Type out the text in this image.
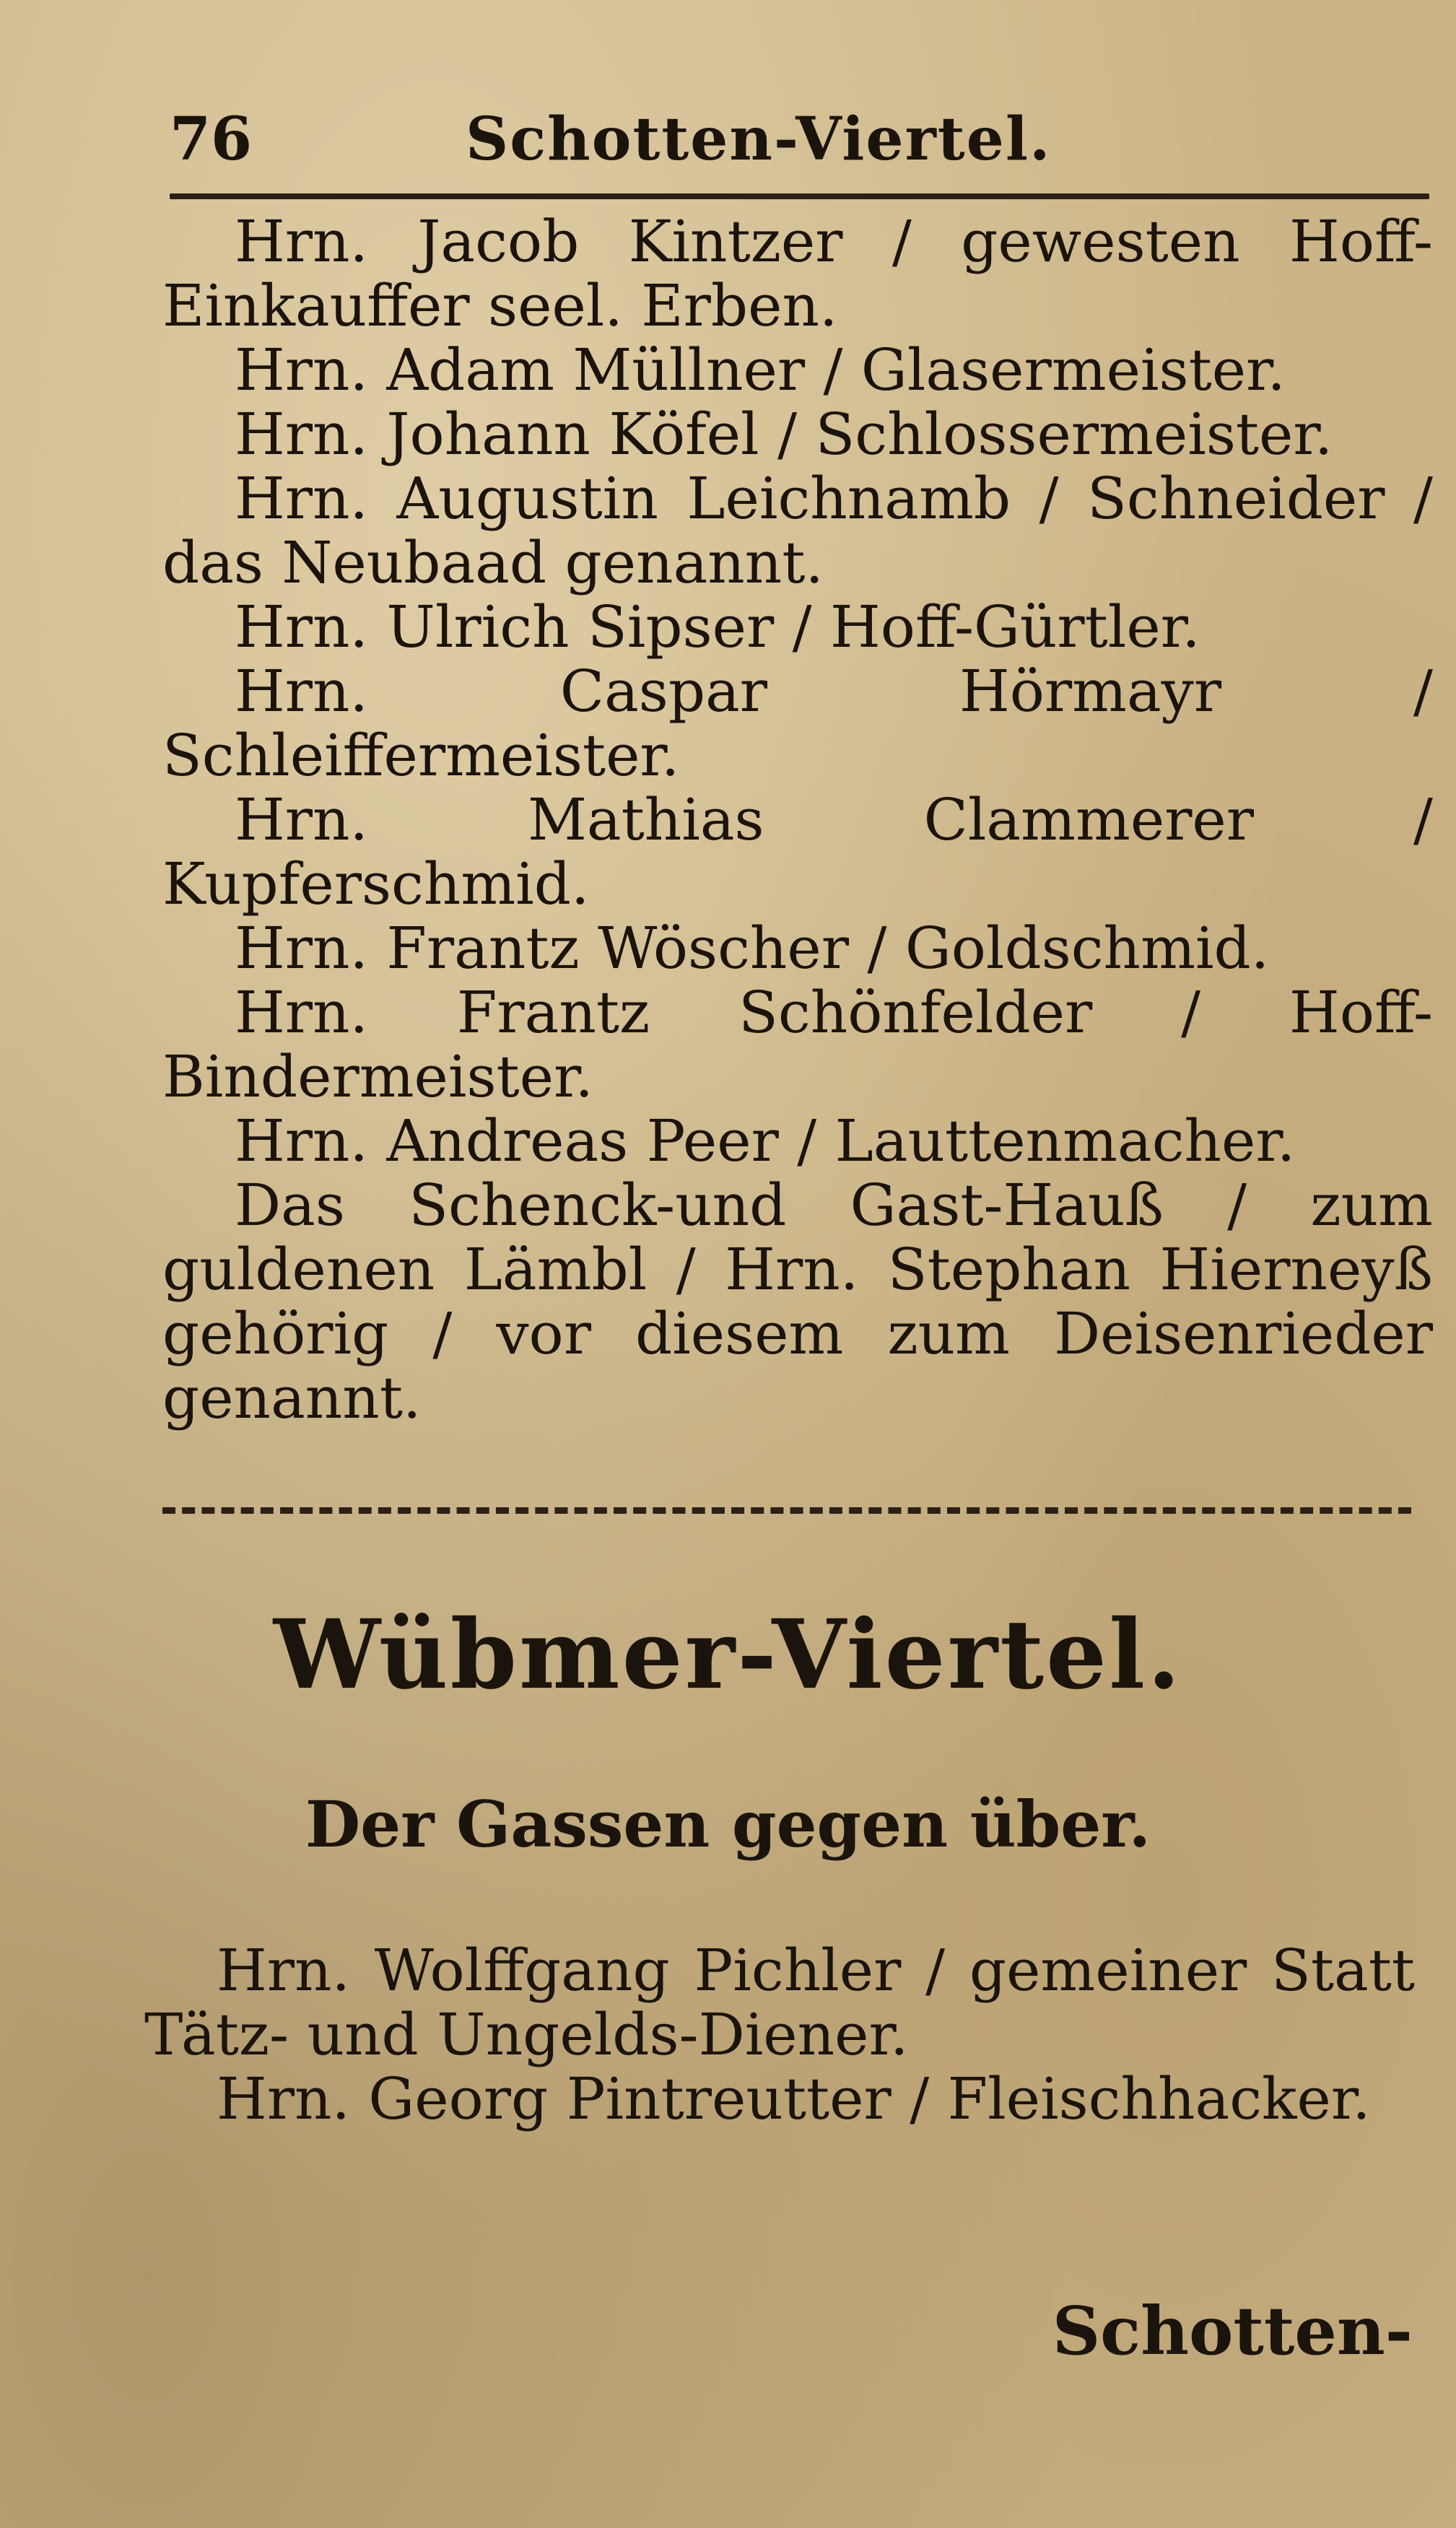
76	Schotten-Viertel.

Hrn. Jacob Kintzer / gewesten Hoff-Einkauffer seel. Erben.

Hrn. Adam Müllner / Glasermeister.

Hrn. Johann Köfel / Schlossermeister.

Hrn. Augustin Leichnamb / Schneider / das Neubaad genannt.

Hrn. Ulrich Sipser / Hoff-Gürtler.

Hrn. Caspar Hörmayr / Schleiffermeister.

Hrn. Mathias Clammerer / Kupferschmid.

Hrn. Frantz Wöscher / Goldschmid.

Hrn. Frantz Schönfelder / Hoff-Bindermeister.

Hrn. Andreas Peer / Lauttenmacher.

Das Schenck-und Gast-Hauß / zum guldenen Lämbl / Hrn. Stephan Hierneyß gehörig / vor diesem zum Deisenrieder genannt.

Wübmer-Viertel.
Der Gassen gegen über.

Hrn. Wolffgang Pichler / gemeiner Statt Tätz- und Ungelds-Diener.

Hrn. Georg Pintreutter / Fleischhacker.

Schotten-
